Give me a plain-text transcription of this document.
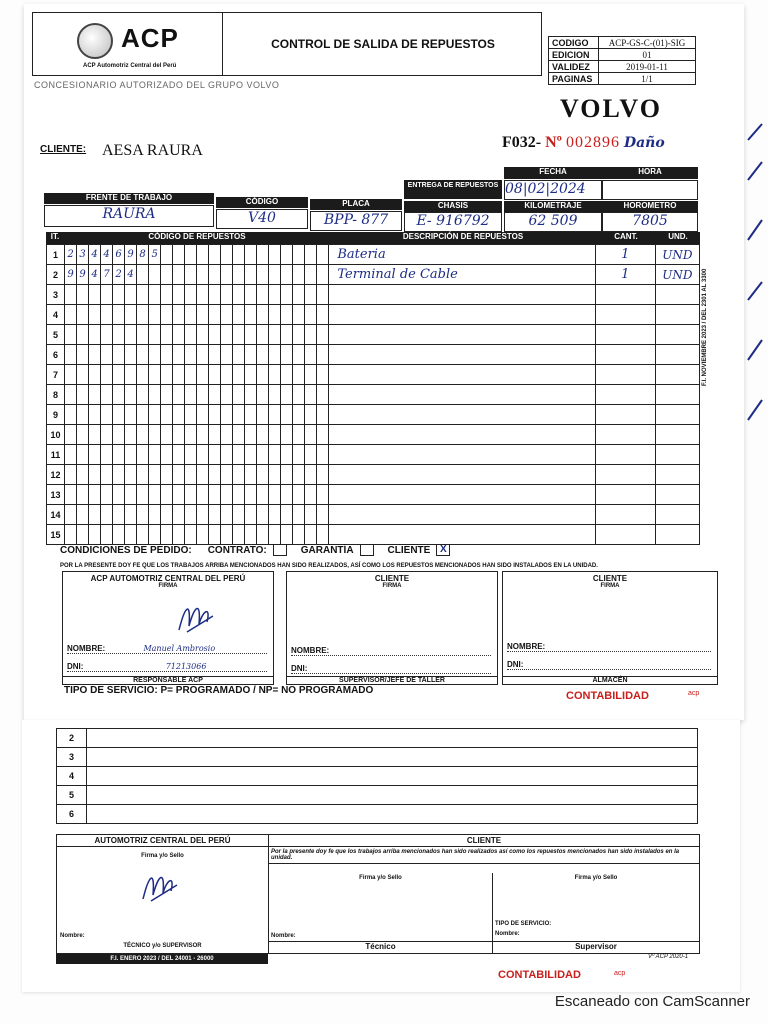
ACP
ACP Automotriz Central del Perú
CONTROL DE SALIDA DE REPUESTOS	CODIGO	ACP-GS-C-(01)-SIG
EDICION	01
VALIDEZ	2019-01-11
PAGINAS	1/1
CONCESIONARIO AUTORIZADO DEL GRUPO VOLVO
VOLVO
CLIENTE: AESA RAURA	F032- Nº 002896 Daño
FECHA	HORA
ENTREGA DE REPUESTOS 08|02|2024
FRENTE DE TRABAJO	CÓDIGO	PLACA	CHASIS	KILOMETRAJE	HOROMETRO
RAURA	V40	BPP- 877	E- 916792	62 509	7805
IT.	CÓDIGO DE REPUESTOS	DESCRIPCIÓN DE REPUESTOS	CANT.	UND.
1	2	3	4	4	6	9	8	5															Bateria	1	UND
2	9	9	4	7	2	4																	Terminal de Cable	1	UND
3																									
4																									
5																									
6																									
7																									
8																									
9																									
10																									
11																									
12																									
13																									
14																									
15																									
F.I. NOVIEMBRE 2023 / DEL 2301 AL 3300
CONDICIONES DE PEDIDO: CONTRATO:	GARANTÍA	CLIENTE X
POR LA PRESENTE DOY FE QUE LOS TRABAJOS ARRIBA MENCIONADOS HAN SIDO REALIZADOS, ASÍ COMO LOS REPUESTOS MENCIONADOS HAN SIDO INSTALADOS EN LA UNIDAD.
ACP AUTOMOTRIZ CENTRAL DEL PERÚ
FIRMA
NOMBRE:	Manuel Ambrosio
DNI:	71213066
RESPONSABLE ACP
CLIENTE
FIRMA
NOMBRE:
DNI:
SUPERVISOR/JEFE DE TALLER
CLIENTE
FIRMA
NOMBRE:
DNI:
ALMACÉN
TIPO DE SERVICIO: P= PROGRAMADO / NP= NO PROGRAMADO	CONTABILIDAD	acp
2	
3	
4	
5	
6	
AUTOMOTRIZ CENTRAL DEL PERÚ
Firma y/o Sello
Nombre:
TÉCNICO y/o SUPERVISOR
CLIENTE
Por la presente doy fe que los trabajos arriba mencionados han sido realizados así como los repuestos mencionados han sido instalados en la unidad.
Firma y/o Sello
Nombre:
Técnico
Firma y/o Sello
TIPO DE SERVICIO:
Nombre:
Supervisor
F.I. ENERO 2023 / DEL 24001 - 26000	Vº ACP 2020-1
CONTABILIDAD	acp
Escaneado con CamScanner
